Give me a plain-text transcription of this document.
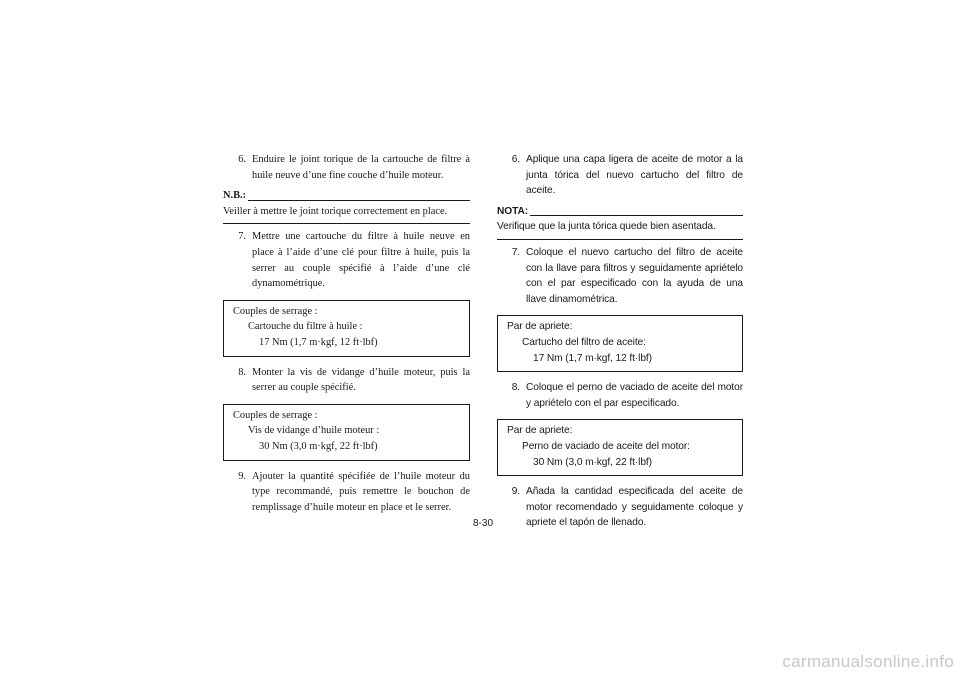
6. Enduire le joint torique de la cartouche de filtre à huile neuve d’une fine couche d’huile moteur.
N.B.:
Veiller à mettre le joint torique correctement en place.
7. Mettre une cartouche du filtre à huile neuve en place à l’aide d’une clé pour filtre à huile, puis la serrer au couple spécifié à l’aide d’une clé dynamométrique.
Couples de serrage :
Cartouche du filtre à huile :
17 Nm (1,7 m·kgf, 12 ft·lbf)
8. Monter la vis de vidange d’huile moteur, puis la serrer au couple spécifié.
Couples de serrage :
Vis de vidange d’huile moteur :
30 Nm (3,0 m·kgf, 22 ft·lbf)
9. Ajouter la quantité spécifiée de l’huile moteur du type recommandé, puis remettre le bouchon de remplissage d’huile moteur en place et le serrer.
6. Aplique una capa ligera de aceite de motor a la junta tórica del nuevo cartucho del filtro de aceite.
NOTA:
Verifique que la junta tórica quede bien asentada.
7. Coloque el nuevo cartucho del filtro de aceite con la llave para filtros y seguidamente apriételo con el par especificado con la ayuda de una llave dinamométrica.
Par de apriete:
Cartucho del filtro de aceite:
17 Nm (1,7 m·kgf, 12 ft·lbf)
8. Coloque el perno de vaciado de aceite del motor y apriételo con el par especificado.
Par de apriete:
Perno de vaciado de aceite del motor:
30 Nm (3,0 m·kgf, 22 ft·lbf)
9. Añada la cantidad especificada del aceite de motor recomendado y seguidamente coloque y apriete el tapón de llenado.
8-30
carmanualsonline.info
